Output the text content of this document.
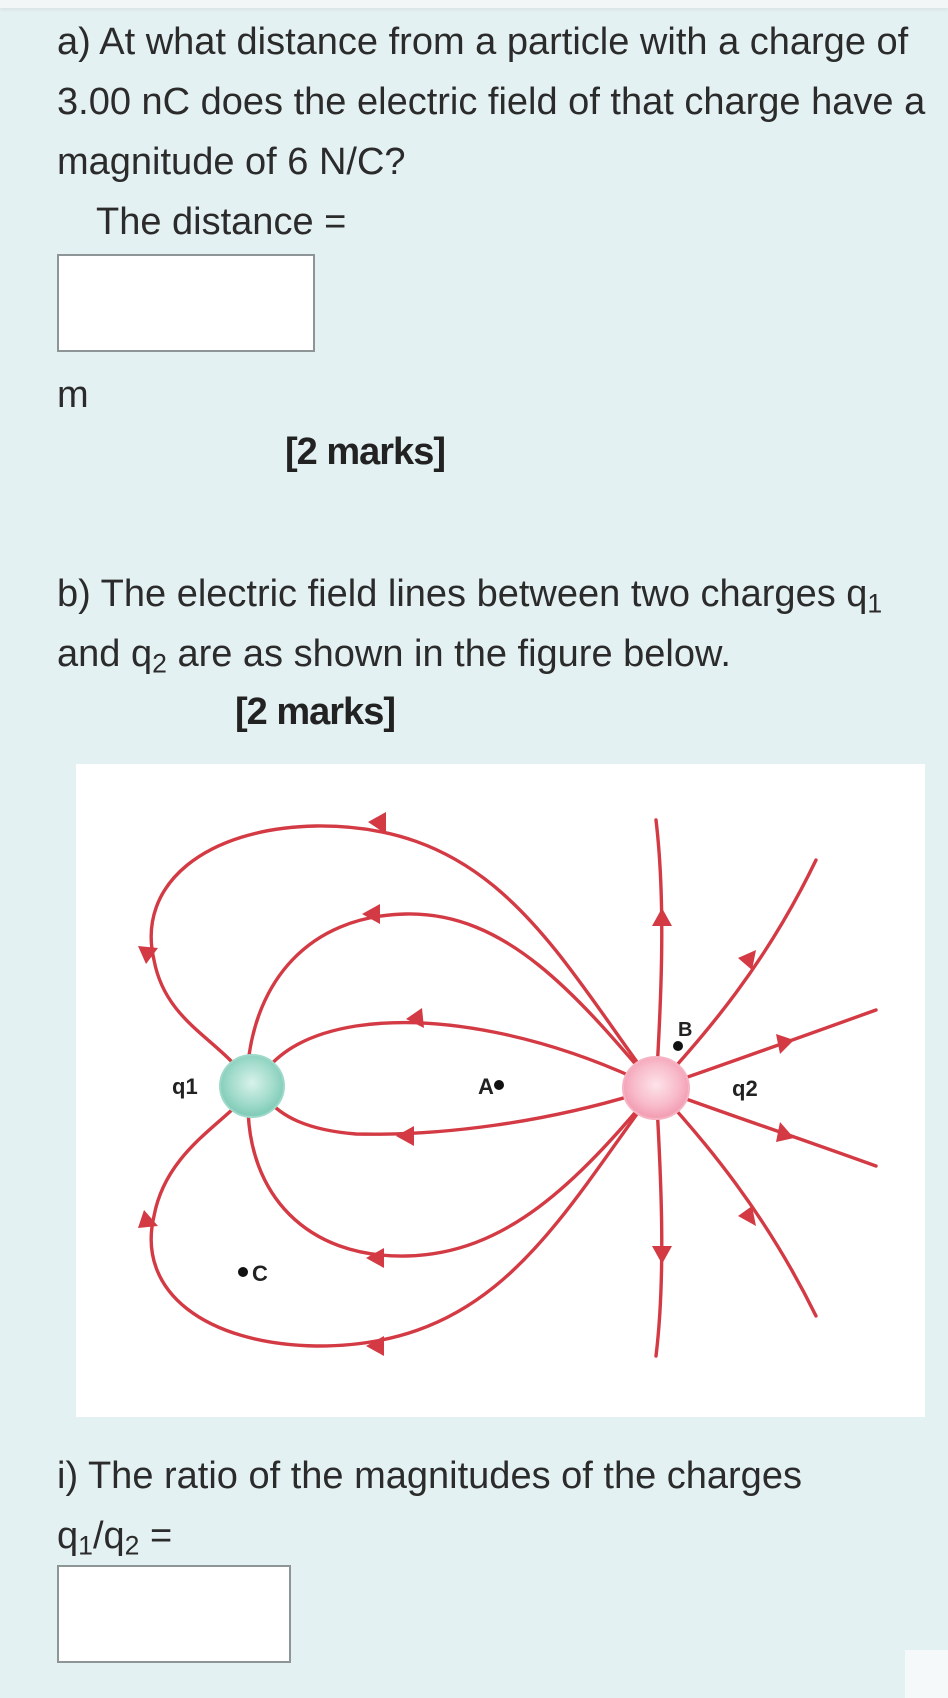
a) At what distance from a particle with a charge of 3.00 nC does the electric field of that charge have a magnitude of 6 N/C?
The distance =
m
[2 marks]
b) The electric field lines between two charges $q_1$
and $q_2$ are as shown in the figure below.
[2 marks]
q1	q2
A
B
C
i) The ratio of the magnitudes of the charges
$q_1/q_2$ =
